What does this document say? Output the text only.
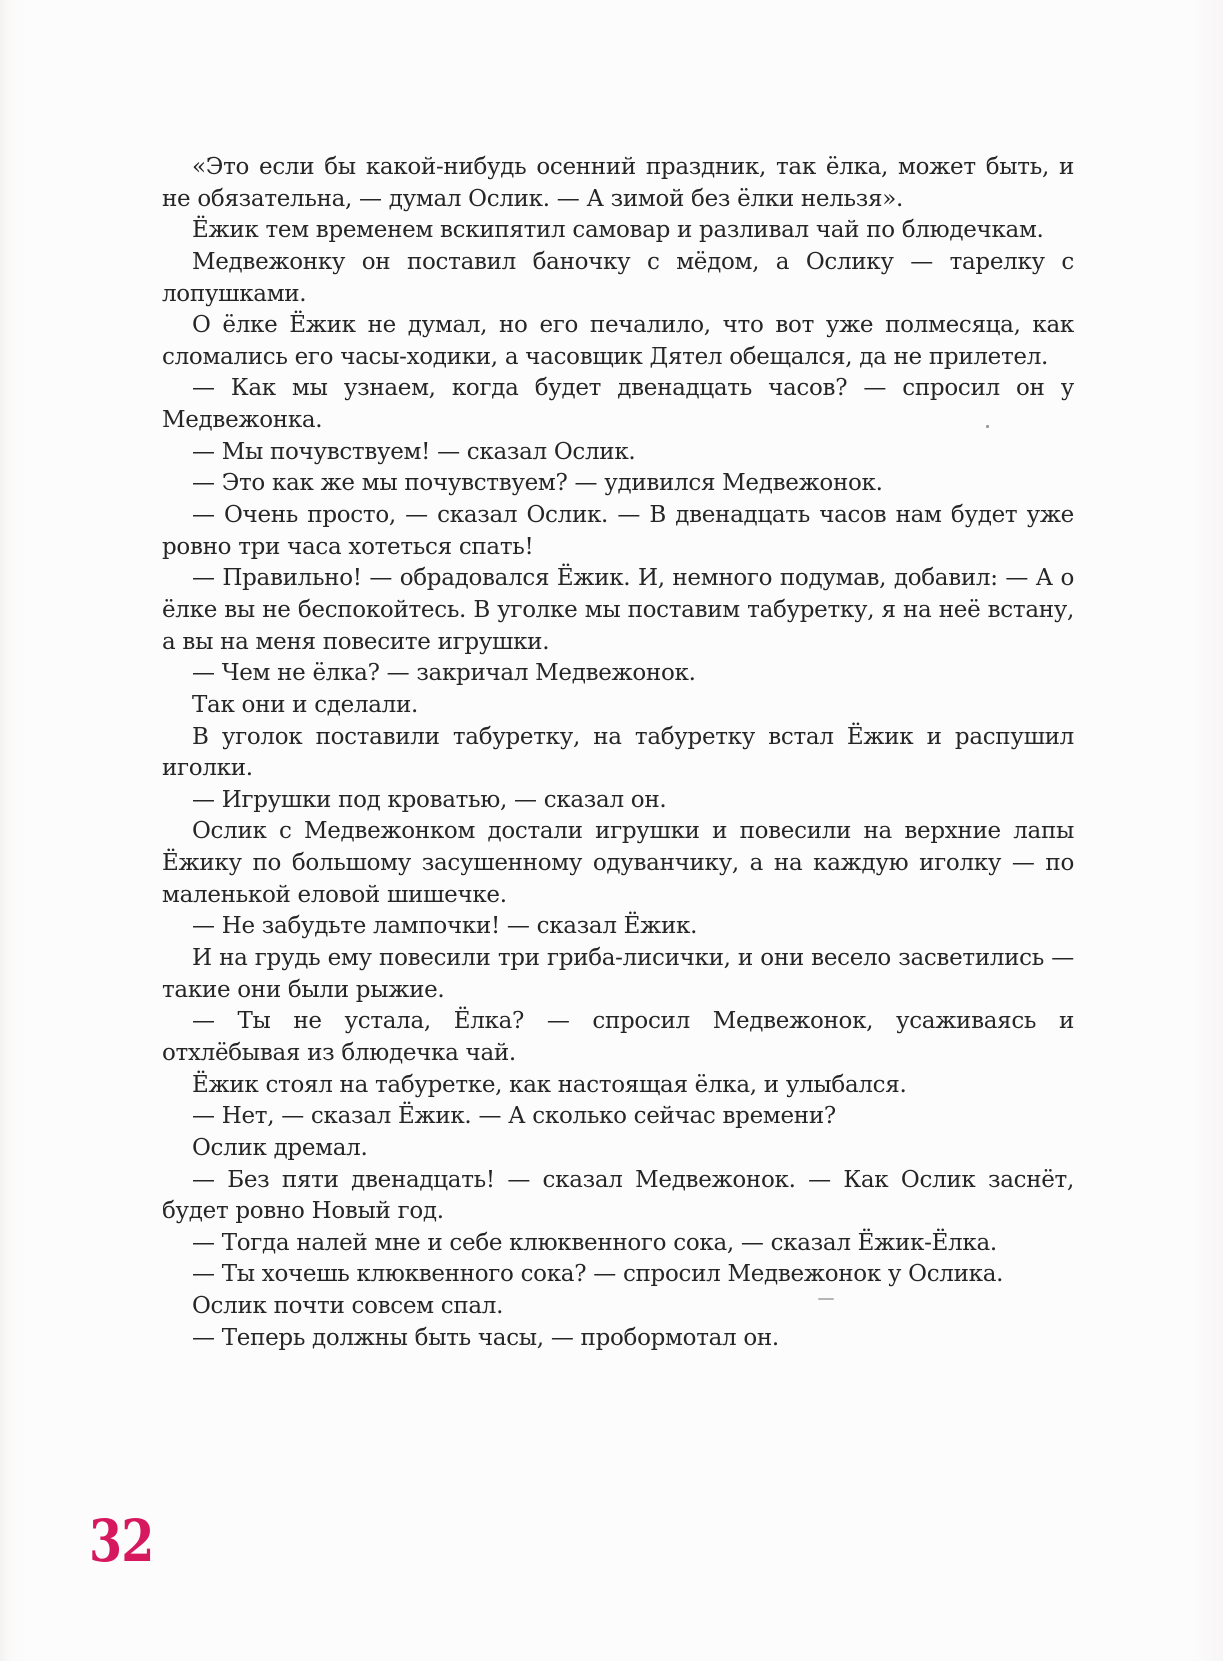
«Это если бы какой-нибудь осенний праздник, так ёлка, может быть, и не обязательна, — думал Ослик. — А зимой без ёлки нельзя».

Ёжик тем временем вскипятил самовар и разливал чай по блюдечкам.

Медвежонку он поставил баночку с мёдом, а Ослику — тарелку с лопушками.

О ёлке Ёжик не думал, но его печалило, что вот уже полмесяца, как сломались его часы-ходики, а часовщик Дятел обещался, да не прилетел.

— Как мы узнаем, когда будет двенадцать часов? — спросил он у Медвежонка.

— Мы почувствуем! — сказал Ослик.

— Это как же мы почувствуем? — удивился Медвежонок.

— Очень просто, — сказал Ослик. — В двенадцать часов нам будет уже ровно три часа хотеться спать!

— Правильно! — обрадовался Ёжик. И, немного подумав, добавил: — А о ёлке вы не беспокойтесь. В уголке мы поставим табуретку, я на неё встану, а вы на меня повесите игрушки.

— Чем не ёлка? — закричал Медвежонок.

Так они и сделали.

В уголок поставили табуретку, на табуретку встал Ёжик и распушил иголки.

— Игрушки под кроватью, — сказал он.

Ослик с Медвежонком достали игрушки и повесили на верхние лапы Ёжику по большому засушенному одуванчику, а на каждую иголку — по маленькой еловой шишечке.

— Не забудьте лампочки! — сказал Ёжик.

И на грудь ему повесили три гриба-лисички, и они весело засветились — такие они были рыжие.

— Ты не устала, Ёлка? — спросил Медвежонок, усаживаясь и отхлёбывая из блюдечка чай.

Ёжик стоял на табуретке, как настоящая ёлка, и улыбался.

— Нет, — сказал Ёжик. — А сколько сейчас времени?

Ослик дремал.

— Без пяти двенадцать! — сказал Медвежонок. — Как Ослик заснёт, будет ровно Новый год.

— Тогда налей мне и себе клюквенного сока, — сказал Ёжик-Ёлка.

— Ты хочешь клюквенного сока? — спросил Медвежонок у Ослика.

Ослик почти совсем спал.

— Теперь должны быть часы, — пробормотал он.

32
